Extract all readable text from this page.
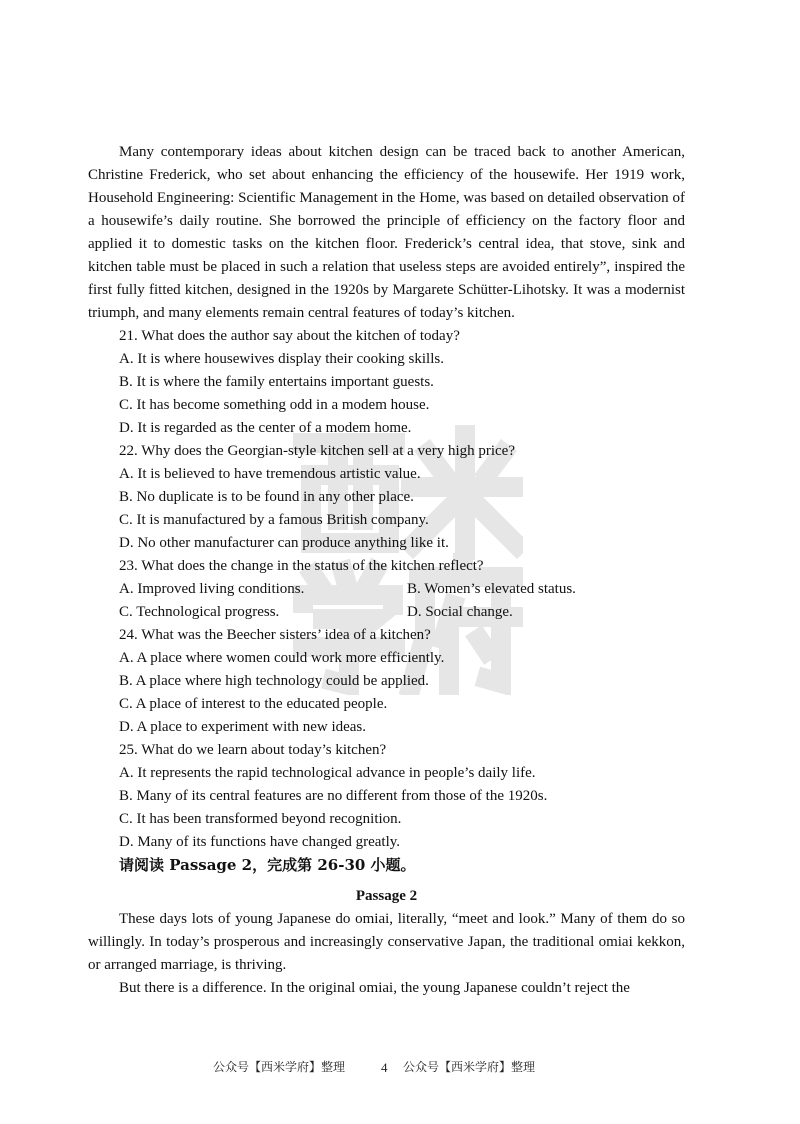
Many contemporary ideas about kitchen design can be traced back to another American, Christine Frederick, who set about enhancing the efficiency of the housewife. Her 1919 work, Household Engineering: Scientific Management in the Home, was based on detailed observation of a housewife’s daily routine. She borrowed the principle of efficiency on the factory floor and applied it to domestic tasks on the kitchen floor. Frederick’s central idea, that stove, sink and kitchen table must be placed in such a relation that useless steps are avoided entirely”, inspired the first fully fitted kitchen, designed in the 1920s by Margarete Schütter-Lihotsky. It was a modernist triumph, and many elements remain central features of today’s kitchen.

21. What does the author say about the kitchen of today?

A. It is where housewives display their cooking skills.

B. It is where the family entertains important guests.

C. It has become something odd in a modem house.

D. It is regarded as the center of a modem home.

22. Why does the Georgian-style kitchen sell at a very high price?

A. It is believed to have tremendous artistic value.

B. No duplicate is to be found in any other place.

C. It is manufactured by a famous British company.

D. No other manufacturer can produce anything like it.

23. What does the change in the status of the kitchen reflect?

A. Improved living conditions.	B. Women’s elevated status.

C. Technological progress.	D. Social change.

24. What was the Beecher sisters’ idea of a kitchen?

A. A place where women could work more efficiently.

B. A place where high technology could be applied.

C. A place of interest to the educated people.

D. A place to experiment with new ideas.

25. What do we learn about today’s kitchen?

A. It represents the rapid technological advance in people’s daily life.

B. Many of its central features are no different from those of the 1920s.

C. It has been transformed beyond recognition.

D. Many of its functions have changed greatly.

请阅读 Passage 2，完成第 26-30 小题。

Passage 2

These days lots of young Japanese do omiai, literally, “meet and look.” Many of them do so willingly. In today’s prosperous and increasingly conservative Japan, the traditional omiai kekkon, or arranged marriage, is thriving.

But there is a difference. In the original omiai, the young Japanese couldn’t reject the

公众号【西米学府】整理	4 公众号【西米学府】整理
